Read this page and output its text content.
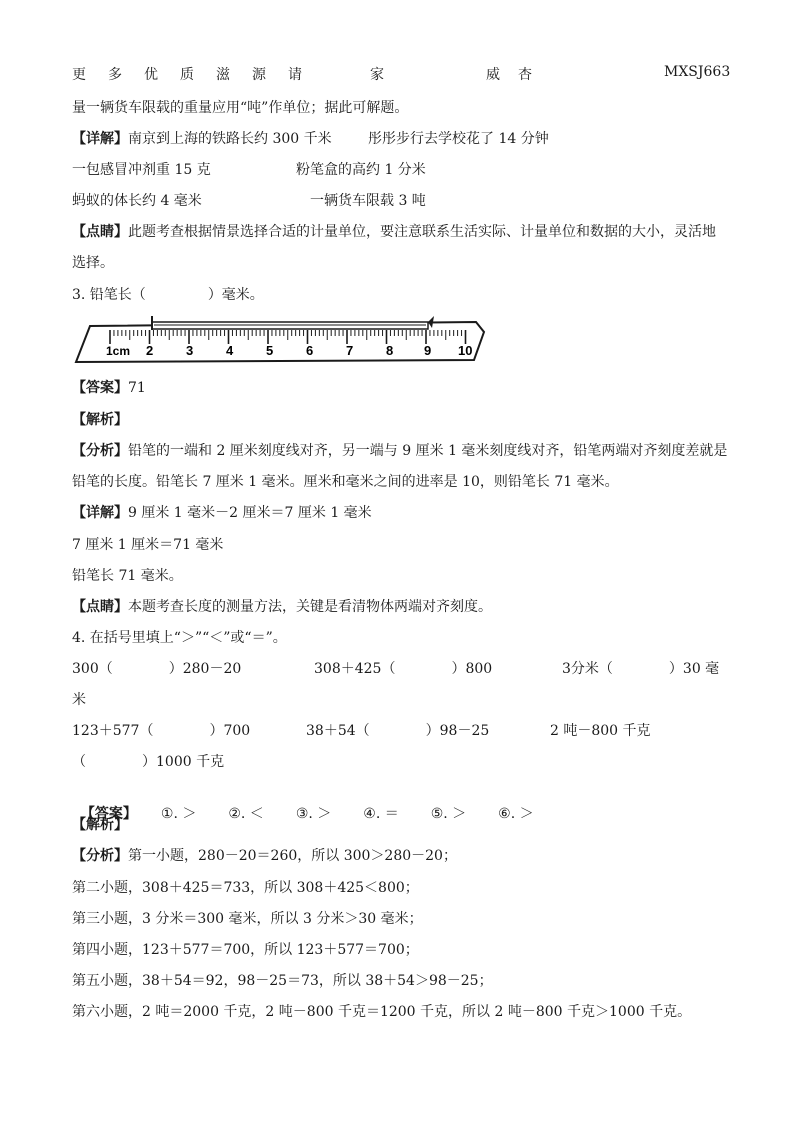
更 多 优 质 滋 源 请	家	威 杏	MXSJ663
量一辆货车限载的重量应用“吨”作单位；据此可解题。
【详解】南京到上海的铁路长约 300 千米	彤彤步行去学校花了 14 分钟
一包感冒冲剂重 15 克	粉笔盒的高约 1 分米
蚂蚁的体长约 4 毫米	一辆货车限载 3 吨
【点睛】此题考查根据情景选择合适的计量单位，要注意联系生活实际、计量单位和数据的大小，灵活地
选择。
3. 铅笔长（	）毫米。
1cm 2	3	4	5	6	7	8 9 10
【答案】71
【解析】
【分析】铅笔的一端和 2 厘米刻度线对齐，另一端与 9 厘米 1 毫米刻度线对齐，铅笔两端对齐刻度差就是
铅笔的长度。铅笔长 7 厘米 1 毫米。厘米和毫米之间的进率是 10，则铅笔长 71 毫米。
【详解】9 厘米 1 毫米－2 厘米＝7 厘米 1 毫米
7 厘米 1 厘米＝71 毫米
铅笔长 71 毫米。
【点睛】本题考查长度的测量方法，关键是看清物体两端对齐刻度。
4. 在括号里填上“＞”“＜”或“＝”。
300（	）280－20	308＋425（	）800	3分米（	）30 毫
米
123＋577（	）700	38＋54（	）98－25	2 吨－800 千克
（	）1000 千克

【答案】 ①. ＞ ②. ＜ ③. ＞ ④. ＝ ⑤. ＞ ⑥. ＞

【解析】
【分析】第一小题，280－20＝260，所以 300＞280－20；
第二小题，308＋425＝733，所以 308＋425＜800；
第三小题，3 分米＝300 毫米，所以 3 分米＞30 毫米；
第四小题，123＋577＝700，所以 123＋577＝700；
第五小题，38＋54＝92，98－25＝73，所以 38＋54＞98－25；
第六小题，2 吨＝2000 千克，2 吨－800 千克＝1200 千克，所以 2 吨－800 千克＞1000 千克。
